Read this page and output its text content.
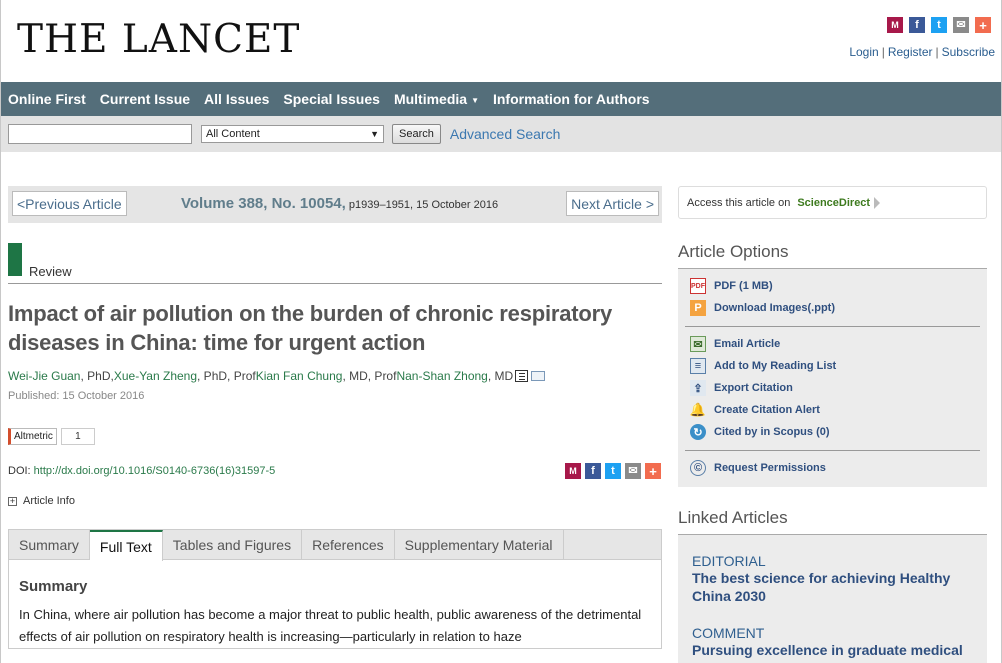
THE LANCET	M	f	t	✉	+
Login | Register | Subscribe
Online First Current Issue All Issues Special Issues Multimedia ▼ Information for Authors
All Content	▼	Search	Advanced Search
<Previous Article	Volume 388, No. 10054, p1939–1951, 15 October 2016	Next Article >
Review
Impact of air pollution on the burden of chronic respiratory diseases in China: time for urgent action
Wei-Jie Guan , PhD, Xue-Yan Zheng , PhD, Prof Kian Fan Chung , MD, Prof Nan-Shan Zhong , MD
Published: 15 October 2016
Altmetric	1
DOI: http://dx.doi.org/10.1016/S0140-6736(16)31597-5	M	f	t	✉ +
+ Article Info
Summary	Full Text	Tables and Figures	References	Supplementary Material
Summary

In China, where air pollution has become a major threat to public health, public awareness of the detrimental effects of air pollution on respiratory health is increasing—particularly in relation to haze

Access this article on ScienceDirect
Article Options
PDF PDF (1 MB)
P	Download Images(.ppt)
✉	Email Article
≡	Add to My Reading List
⇪	Export Citation
🔔 Create Citation Alert
↻	Cited by in Scopus (0)
©	Request Permissions
Linked Articles
EDITORIAL
The best science for achieving Healthy China 2030
COMMENT
Pursuing excellence in graduate medical
